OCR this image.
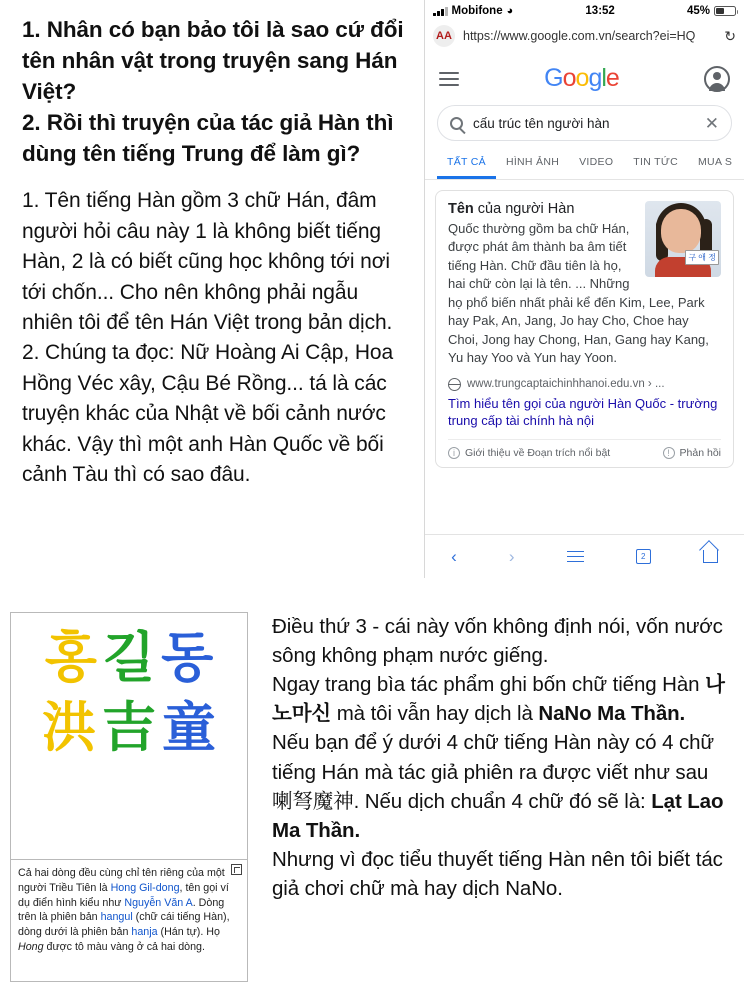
1. Nhân có bạn bảo tôi là sao cứ đổi tên nhân vật trong truyện sang Hán Việt?

2. Rồi thì truyện của tác giả Hàn thì dùng tên tiếng Trung để làm gì?

1. Tên tiếng Hàn gồm 3 chữ Hán, đâm người hỏi câu này 1 là không biết tiếng Hàn, 2 là có biết cũng học không tới nơi tới chốn... Cho nên không phải ngẫu nhiên tôi để tên Hán Việt trong bản dịch.

2. Chúng ta đọc: Nữ Hoàng Ai Cập, Hoa Hồng Véc xây, Cậu Bé Rồng... tá là các truyện khác của Nhật về bối cảnh nước khác. Vậy thì một anh Hàn Quốc về bối cảnh Tàu thì có sao đâu.

Mobifone ◕	13:52	45%
AA https://www.google.com.vn/search?ei=HQ	↻
Google
cấu trúc tên người hàn	✕
TẤT CẢ	HÌNH ẢNH	VIDEO	TIN TỨC	MUA S
구 애 정
Tên của người Hàn
Quốc thường gồm ba chữ Hán, được phát âm thành ba âm tiết tiếng Hàn. Chữ đầu tiên là họ, hai chữ còn lại là tên. ... Những họ phổ biến nhất phải kể đến Kim, Lee, Park hay Pak, An, Jang, Jo hay Cho, Choe hay Choi, Jong hay Chong, Han, Gang hay Kang, Yu hay Yoo và Yun hay Yoon.
www.trungcaptaichinhhanoi.edu.vn › ...
Tìm hiểu tên gọi của người Hàn Quốc - trường trung cấp tài chính hà nội
i Giới thiệu về Đoạn trích nổi bật	! Phản hồi
‹	›	2
홍 길 동
洪 吉 童
Cả hai dòng đều cùng chỉ tên riêng của một người Triều Tiên là Hong Gil-dong, tên gọi ví dụ điển hình kiểu như Nguyễn Văn A. Dòng trên là phiên bản hangul (chữ cái tiếng Hàn), dòng dưới là phiên bản hanja (Hán tự). Họ Hong được tô màu vàng ở cả hai dòng.

Điều thứ 3 - cái này vốn không định nói, vốn nước sông không phạm nước giếng.

Ngay trang bìa tác phẩm ghi bốn chữ tiếng Hàn 나노마신 mà tôi vẫn hay dịch là NaNo Ma Thần.

Nếu bạn để ý dưới 4 chữ tiếng Hàn này có 4 chữ tiếng Hán mà tác giả phiên ra được viết như sau 喇弩魔神. Nếu dịch chuẩn 4 chữ đó sẽ là: Lạt Lao Ma Thần.

Nhưng vì đọc tiểu thuyết tiếng Hàn nên tôi biết tác giả chơi chữ mà hay dịch NaNo.
